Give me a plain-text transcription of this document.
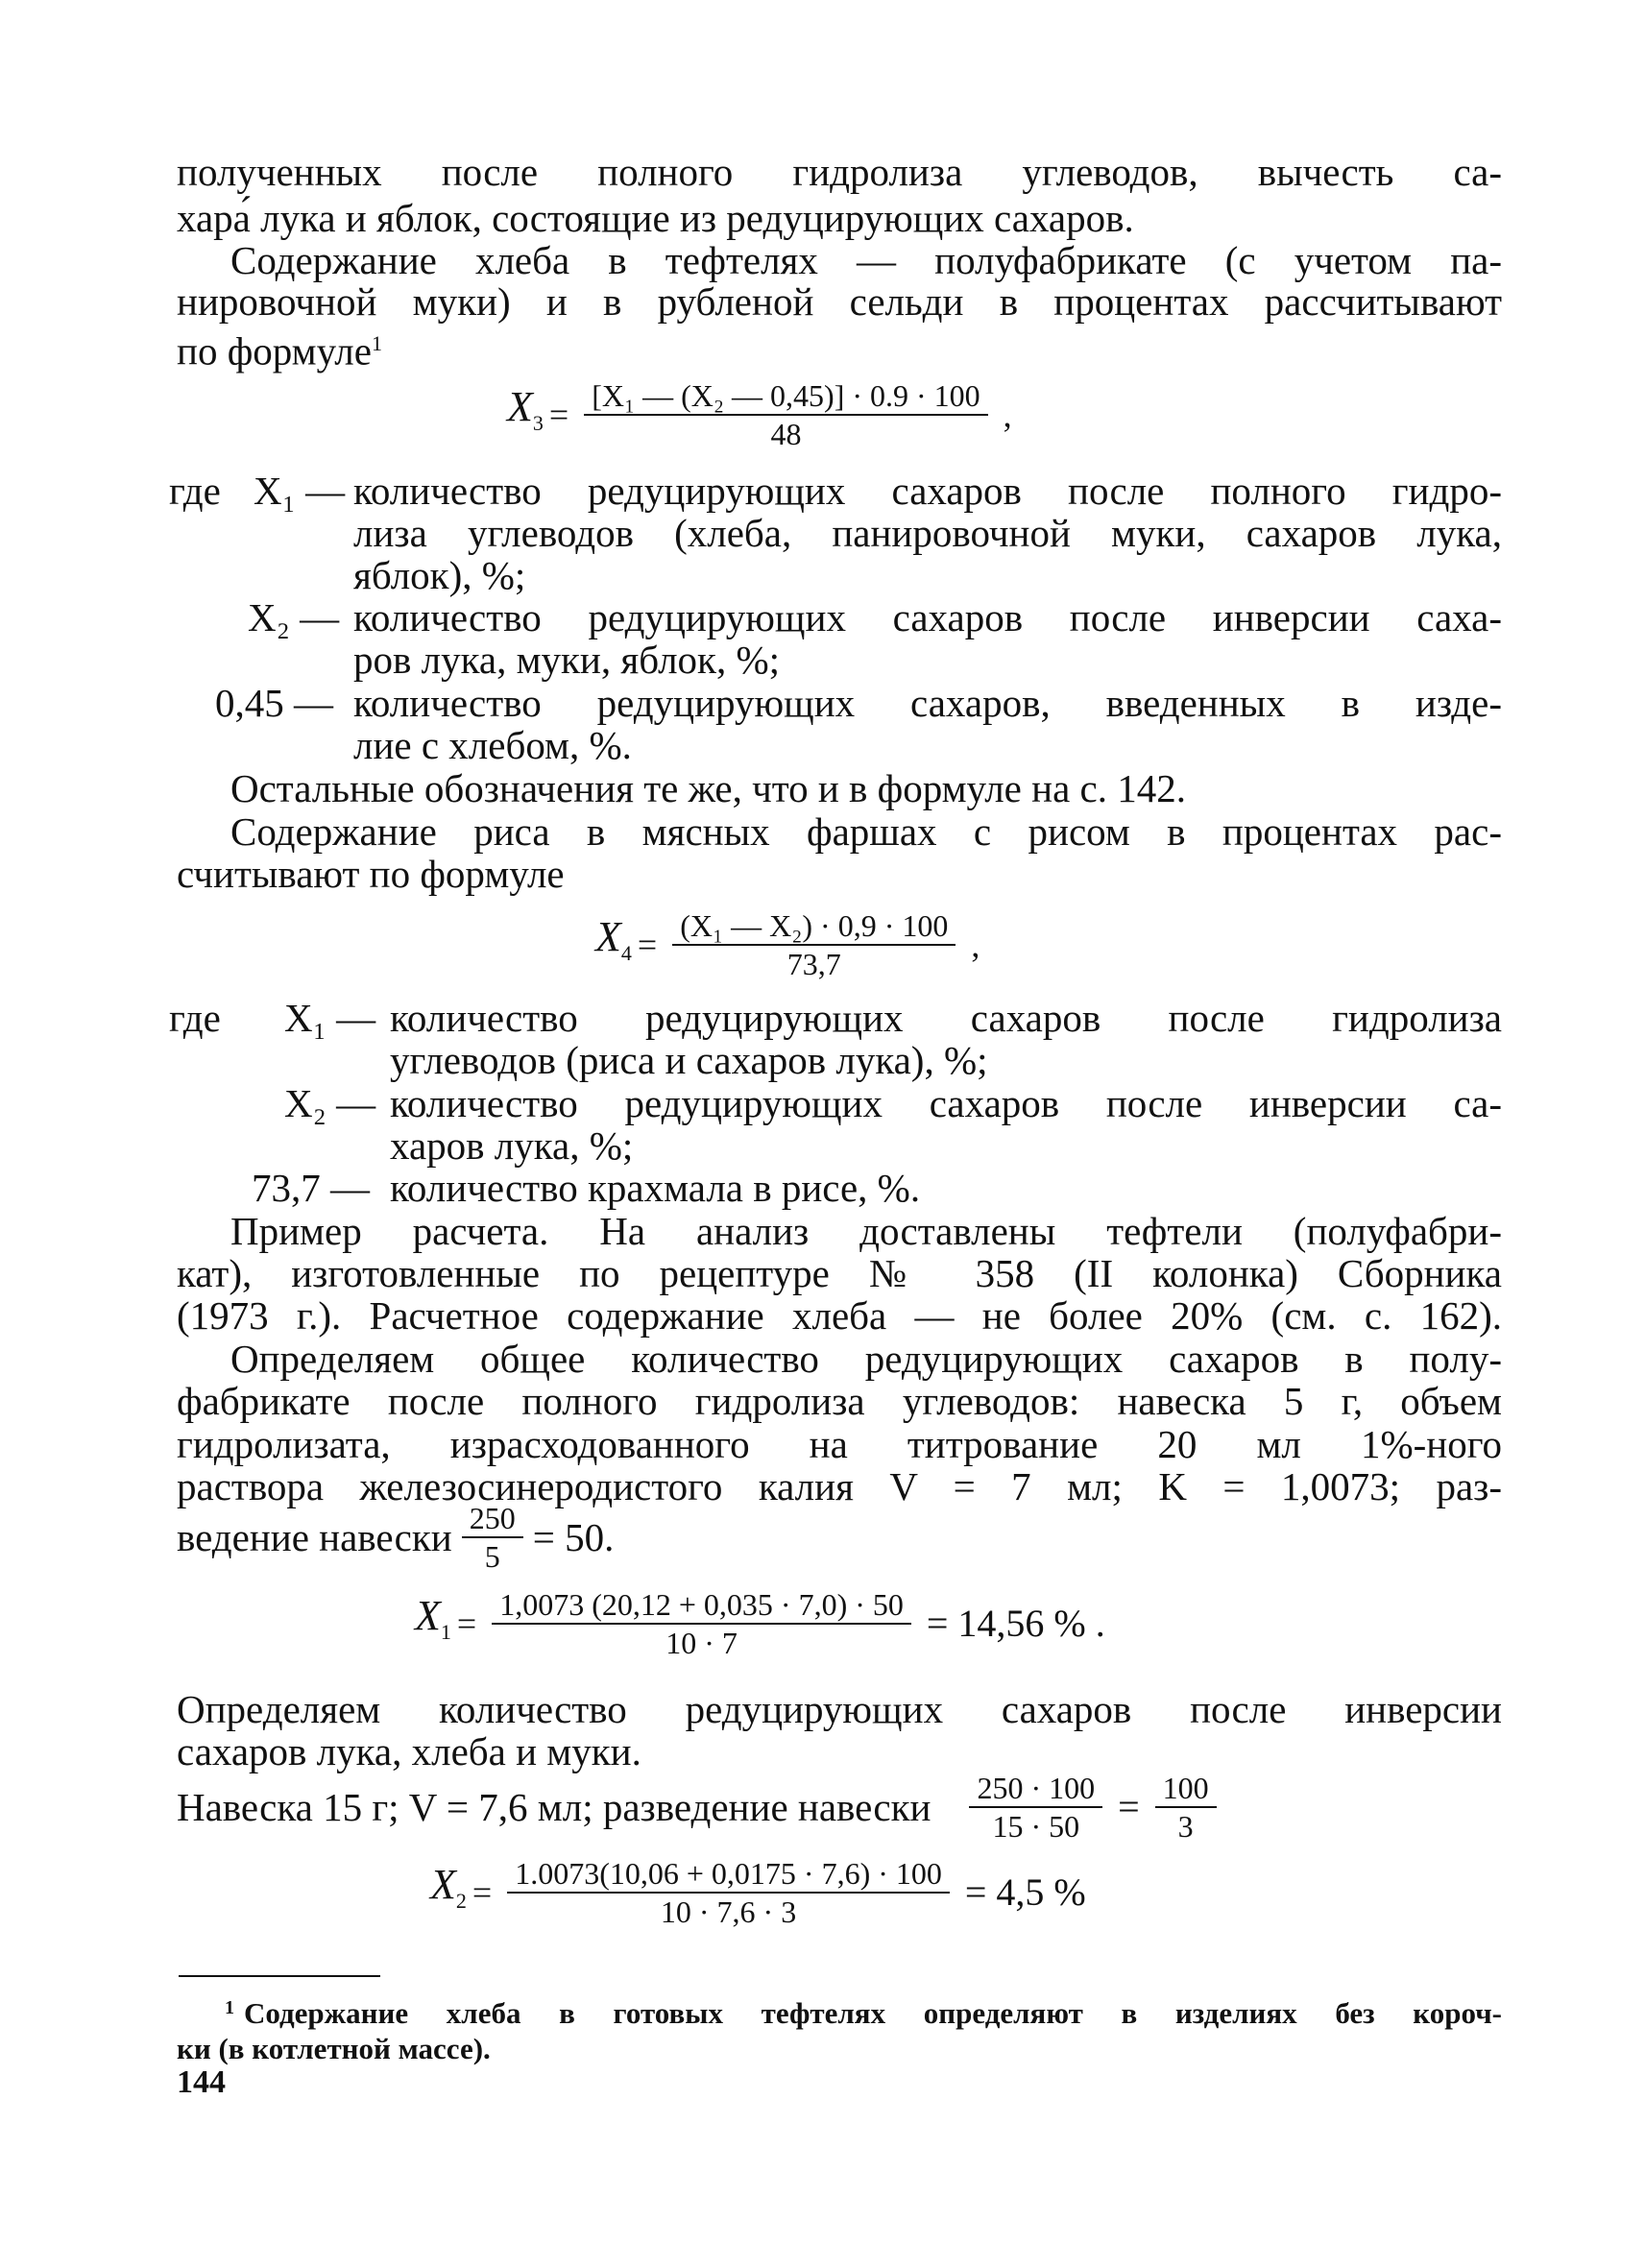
полученных после полного гидролиза углеводов, вычесть са-
хара́ лука и яблок, состоящие из редуцирующих сахаров.
Содержание хлеба в тефтелях — полуфабрикате (с учетом па-
нировочной муки) и в рубленой сельди в процентах рассчитывают
по формуле$^1$
$X_3 = \frac{\text{[X₁ — (X₂ — 0,45)] · 0.9 · 100}}{48}$ ,
где X₁ — количество редуцирующих сахаров после полного гидро-
лиза углеводов (хлеба, панировочной муки, сахаров лука,
яблок), %;
X₂ — количество редуцирующих сахаров после инверсии саха-
ров лука, муки, яблок, %;
0,45 — количество редуцирующих сахаров, введенных в изде-
лие с хлебом, %.
Остальные обозначения те же, что и в формуле на с. 142.
Содержание риса в мясных фаршах с рисом в процентах рас-
считывают по формуле
$X_4 = \frac{\text{(X₁ — X₂) · 0,9 · 100}}{73,7}$ ,
где X₁ — количество редуцирующих сахаров после гидролиза
углеводов (риса и сахаров лука), %;
X₂ — количество редуцирующих сахаров после инверсии са-
харов лука, %;
73,7 — количество крахмала в рисе, %.
Пример расчета. На анализ доставлены тефтели (полуфабри-
кат), изготовленные по рецептуре № 358 (II колонка) Сборника
(1973 г.). Расчетное содержание хлеба — не более 20% (см. с. 162).
Определяем общее количество редуцирующих сахаров в полу-
фабрикате после полного гидролиза углеводов: навеска 5 г, объем
гидролизата, израсходованного на титрование 20 мл 1%-ного
раствора железосинеродистого калия V = 7 мл; K = 1,0073; раз-
ведение навески $\frac{250}{5} = 50$.
$X_1 = \frac{1,0073 (20,12 + 0,035 \cdot 7,0) \cdot 50}{10 \cdot 7} = 14,56$ % .
Определяем количество редуцирующих сахаров после инверсии
сахаров лука, хлеба и муки.
Навеска 15 г; V = 7,6 мл; разведение навески $\frac{250 \cdot 100}{15 \cdot 50} = \frac{100}{3}$
$X_2 = \frac{1.0073(10,06 + 0,0175 \cdot 7,6) \cdot 100}{10 \cdot 7,6 \cdot 3} = 4,5$ %
1 Содержание хлеба в готовых тефтелях определяют в изделиях без короч-
ки (в котлетной массе).
144
